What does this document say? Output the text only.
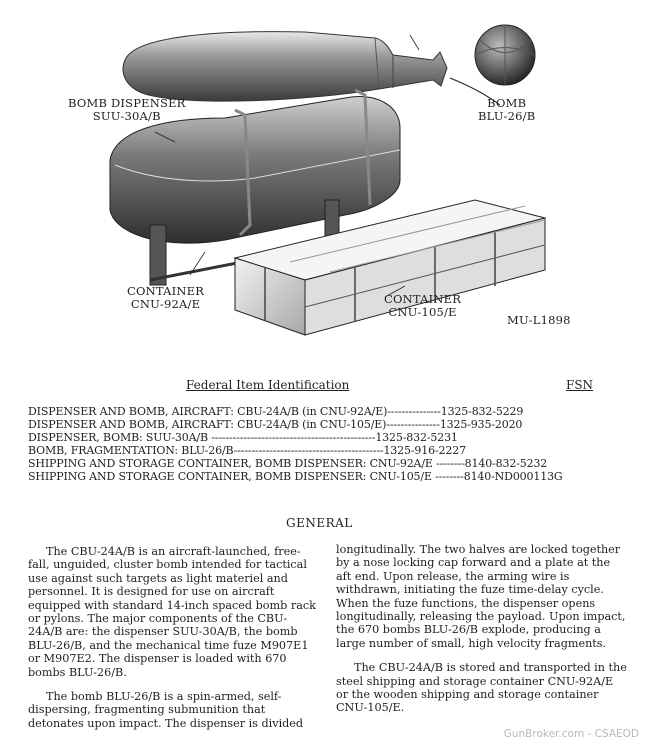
BOMB DISPENSER
SUU-30A/B
BOMB
BLU-26/B
CONTAINER
CNU-92A/E	CONTAINER
CNU-105/E
MU-L1898
Federal Item Identification	FSN
DISPENSER AND BOMB, AIRCRAFT: CBU-24A/B (in CNU-92A/E)---------------1325-832-5229
DISPENSER AND BOMB, AIRCRAFT: CBU-24A/B (in CNU-105/E)---------------1325-935-2020
DISPENSER, BOMB: SUU-30A/B ----------------------------------------------1325-832-5231
BOMB, FRAGMENTATION: BLU-26/B------------------------------------------1325-916-2227
SHIPPING AND STORAGE CONTAINER, BOMB DISPENSER: CNU-92A/E --------8140-832-5232
SHIPPING AND STORAGE CONTAINER, BOMB DISPENSER: CNU-105/E --------8140-ND000113G
GENERAL

The CBU-24A/B is an aircraft-launched, free-fall, unguided, cluster bomb intended for tactical use against such targets as light materiel and personnel. It is designed for use on aircraft equipped with standard 14-inch spaced bomb rack or pylons. The major components of the CBU-24A/B are: the dispenser SUU-30A/B, the bomb BLU-26/B, and the mechanical time fuze M907E1 or M907E2. The dispenser is loaded with 670 bombs BLU-26/B.

The bomb BLU-26/B is a spin-armed, self-dispersing, fragmenting submunition that detonates upon impact. The dispenser is divided

longitudinally. The two halves are locked together by a nose locking cap forward and a plate at the aft end. Upon release, the arming wire is withdrawn, initiating the fuze time-delay cycle. When the fuze functions, the dispenser opens longitudinally, releasing the payload. Upon impact, the 670 bombs BLU-26/B explode, producing a large number of small, high velocity fragments.

The CBU-24A/B is stored and transported in the steel shipping and storage container CNU-92A/E or the wooden shipping and storage container CNU-105/E.

GunBroker.com - CSAEOD
